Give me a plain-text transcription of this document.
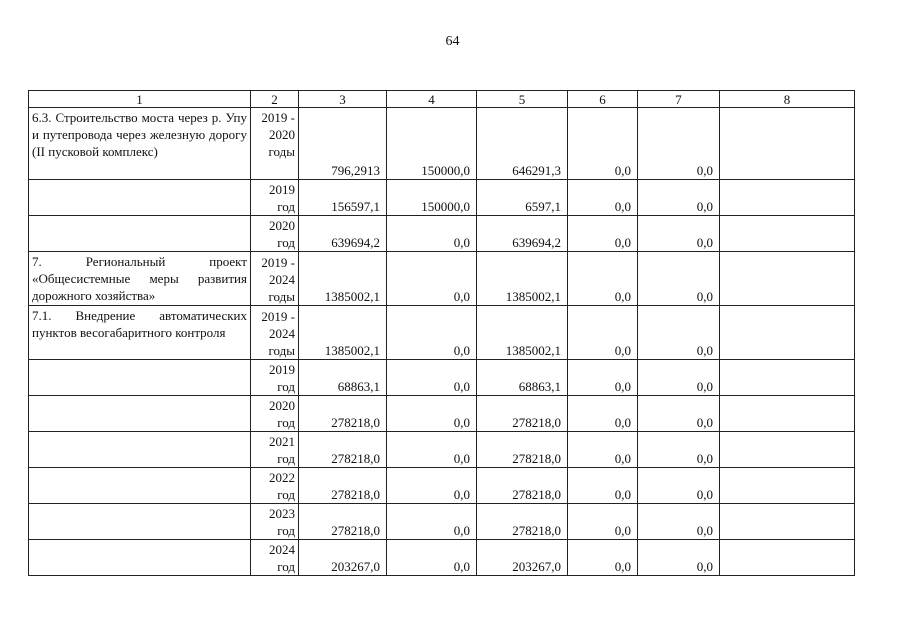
64
1	2	3	4	5	6	7	8
6.3. Строительство моста через р. Упу и путепровода через железную дорогу (II пусковой комплекс)	2019 -
2020
годы	796,2913	150000,0	646291,3	0,0	0,0	

	2019
год	156597,1	150000,0	6597,1	0,0	0,0	

	2020
год	639694,2	0,0	639694,2	0,0	0,0	
7. Региональный проект «Общесистемные меры развития дорожного хозяйства»	2019 -
2024
годы	1385002,1	0,0	1385002,1	0,0	0,0	
7.1. Внедрение автоматических пунктов весогабаритного контроля	2019 -
2024
годы	1385002,1	0,0	1385002,1	0,0	0,0	

	2019
год	68863,1	0,0	68863,1	0,0	0,0	

	2020
год	278218,0	0,0	278218,0	0,0	0,0	

	2021
год	278218,0	0,0	278218,0	0,0	0,0	

	2022
год	278218,0	0,0	278218,0	0,0	0,0	

	2023
год	278218,0	0,0	278218,0	0,0	0,0	

	2024
год	203267,0	0,0	203267,0	0,0	0,0	
